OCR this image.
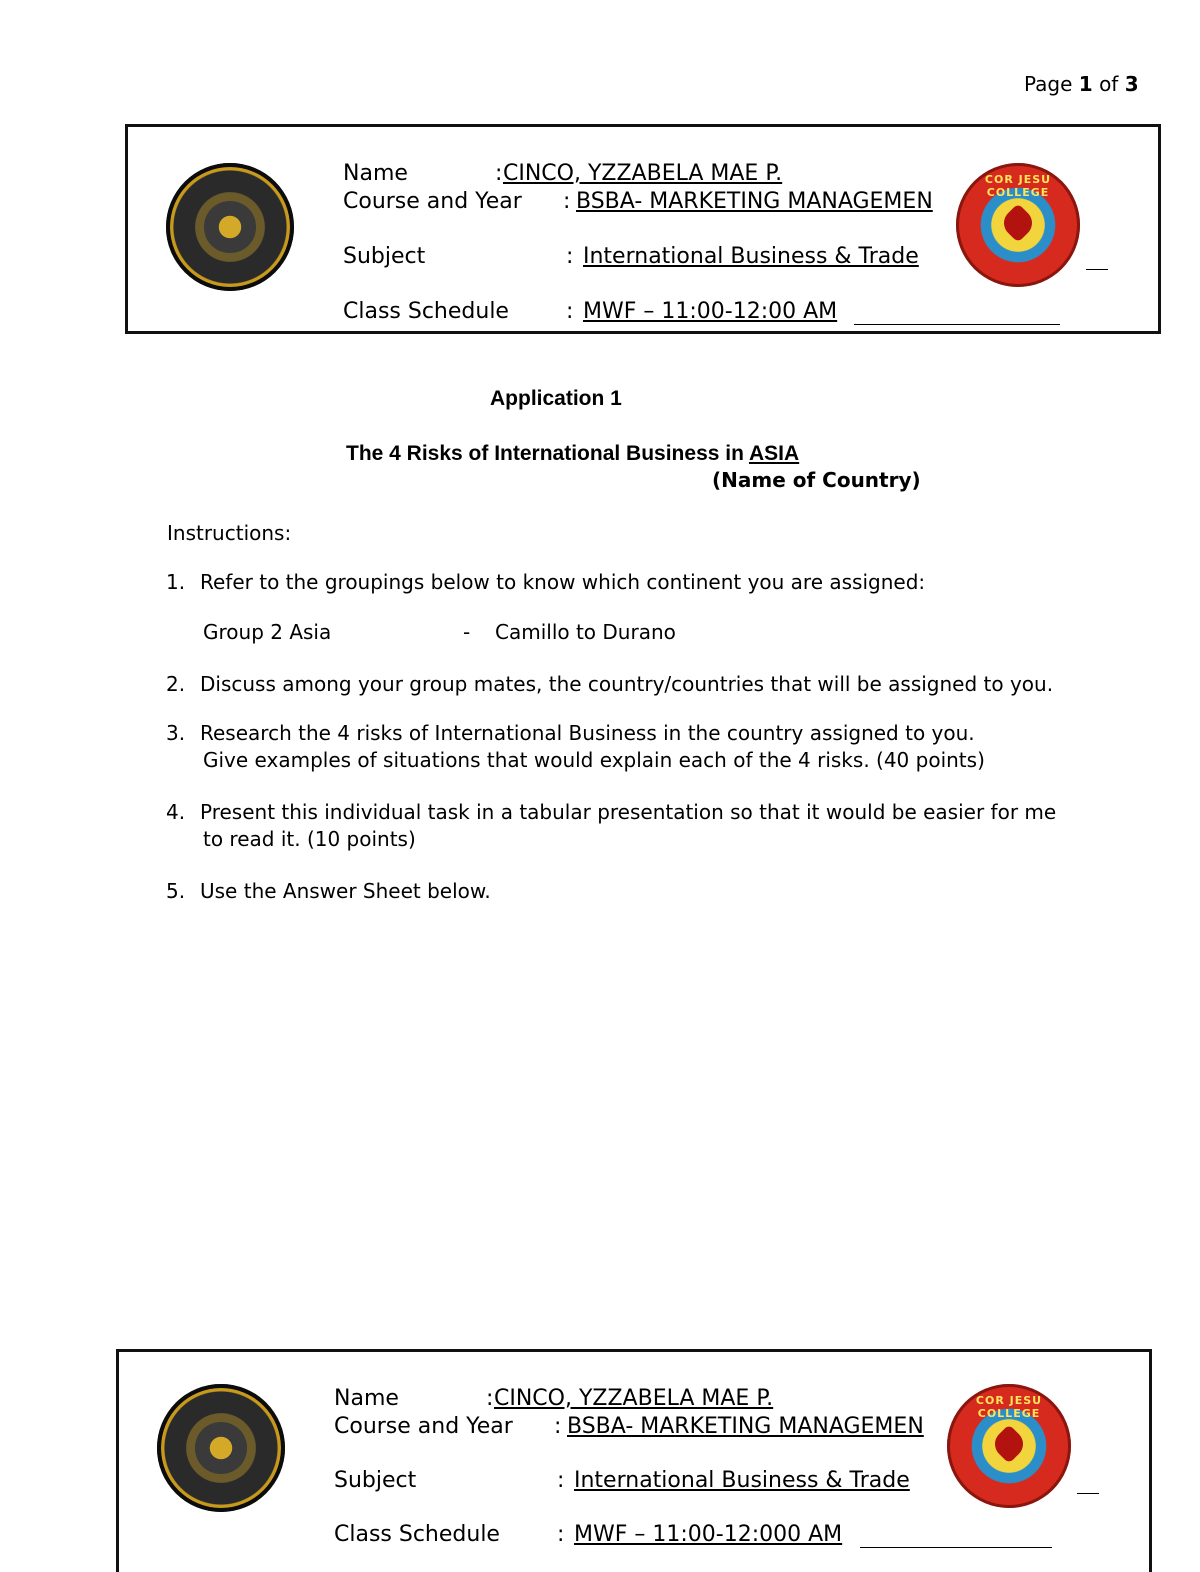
Page 1 of 3
COR JESU COLLEGE
Name	: CINCO, YZZABELA MAE P.
Course and Year : BSBA- MARKETING MANAGEMEN
Subject	: International Business & Trade
Class Schedule	: MWF – 11:00-12:00 AM
Application 1
The 4 Risks of International Business in ASIA
(Name of Country)
Instructions:
1. Refer to the groupings below to know which continent you are assigned:
Group 2 Asia	- Camillo to Durano
2. Discuss among your group mates, the country/countries that will be assigned to you.
3. Research the 4 risks of International Business in the country assigned to you.
Give examples of situations that would explain each of the 4 risks. (40 points)
4. Present this individual task in a tabular presentation so that it would be easier for me
to read it. (10 points)
5. Use the Answer Sheet below.
COR JESU COLLEGE
Name	: CINCO, YZZABELA MAE P.
Course and Year : BSBA- MARKETING MANAGEMEN
Subject	: International Business & Trade
Class Schedule	: MWF – 11:00-12:000 AM
